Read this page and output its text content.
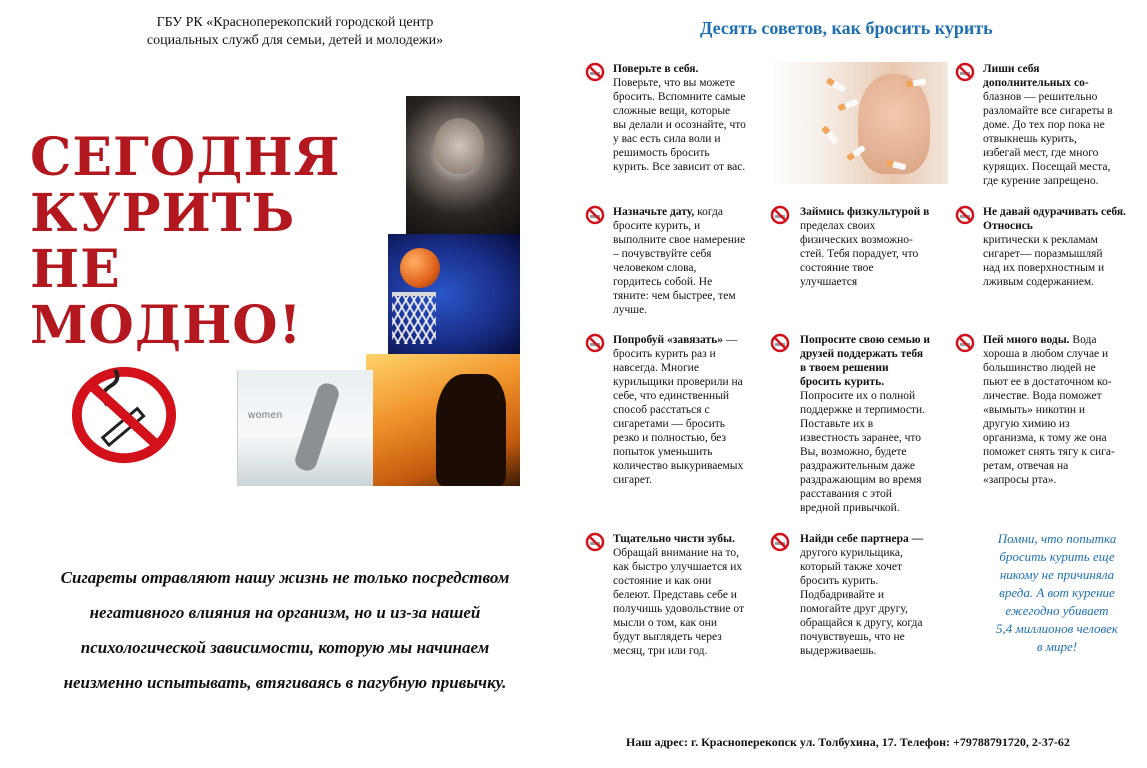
ГБУ РК «Красноперекопский городской центр
социальных служб для семьи, детей и молодежи»
СЕГОДНЯ
КУРИТЬ
НЕ
МОДНО!
women
Сигареты отравляют нашу жизнь не только посредством
негативного влияния на организм, но и из-за нашей
психологической зависимости, которую мы начинаем
неизменно испытывать, втягиваясь в пагубную привычку.
Десять советов, как бросить курить
Поверьте в себя.
Поверьте, что вы можете
бросить. Вспомните самые
сложные вещи, которые
вы делали и осознайте, что
у вас есть сила воли и
решимость бросить
курить. Все зависит от вас.
Лиши себя
дополнительных со-
блазнов — решительно
разломайте все сигареты в
доме. До тех пор пока не
отвыкнешь курить,
избегай мест, где много
курящих. Посещай места,
где курение запрещено.
Назначьте дату, когда
бросите курить, и
выполните свое намерение
– почувствуйте себя
человеком слова,
гордитесь собой. Не
тяните: чем быстрее, тем
лучше.
Займись физкультурой в
пределах своих
физических возможно-
стей. Тебя порадует, что
состояние твое
улучшается
Не давай одурачивать себя. Относись
критически к рекламам
сигарет— поразмышляй
над их поверхностным и
лживым содержанием.
Попробуй «завязать» —
бросить курить раз и
навсегда. Многие
курильщики проверили на
себе, что единственный
способ расстаться с
сигаретами — бросить
резко и полностью, без
попыток уменьшить
количество выкуриваемых
сигарет.
Попросите свою семью и
друзей поддержать тебя
в твоем решении
бросить курить.
Попросите их о полной
поддержке и терпимости.
Поставьте их в
известность заранее, что
Вы, возможно, будете
раздражительным даже
раздражающим во время
расставания с этой
вредной привычкой.
Пей много воды. Вода
хороша в любом случае и
большинство людей не
пьют ее в достаточном ко-
личестве. Вода поможет
«вымыть» никотин и
другую химию из
организма, к тому же она
поможет снять тягу к сига-
ретам, отвечая на
«запросы рта».
Тщательно чисти зубы.
Обращай внимание на то,
как быстро улучшается их
состояние и как они
белеют. Представь себе и
получишь удовольствие от
мысли о том, как они
будут выглядеть через
месяц, три или год.
Найди себе партнера —
другого курильщика,
который также хочет
бросить курить.
Подбадривайте и
помогайте друг другу,
обращайся к другу, когда
почувствуешь, что не
выдерживаешь.
Помни, что попытка
бросить курить еще
никому не причиняла
вреда. А вот курение
ежегодно убивает
5,4 миллионов человек
в мире!
Наш адрес: г. Красноперекопск ул. Толбухина, 17. Телефон: +79788791720, 2-37-62
